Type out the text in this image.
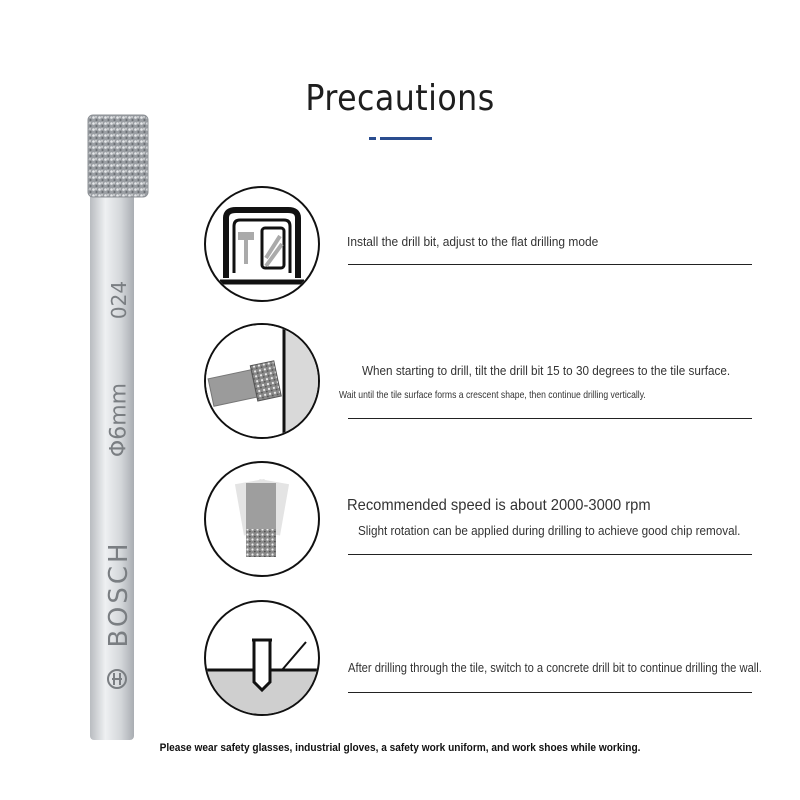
Precautions
024
Φ6mm
BOSCH
Install the drill bit, adjust to the flat drilling mode
When starting to drill, tilt the drill bit 15 to 30 degrees to the tile surface.
Wait until the tile surface forms a crescent shape, then continue drilling vertically.
Recommended speed is about 2000-3000 rpm
Slight rotation can be applied during drilling to achieve good chip removal.
After drilling through the tile, switch to a concrete drill bit to continue drilling the wall.
Please wear safety glasses, industrial gloves, a safety work uniform, and work shoes while working.
